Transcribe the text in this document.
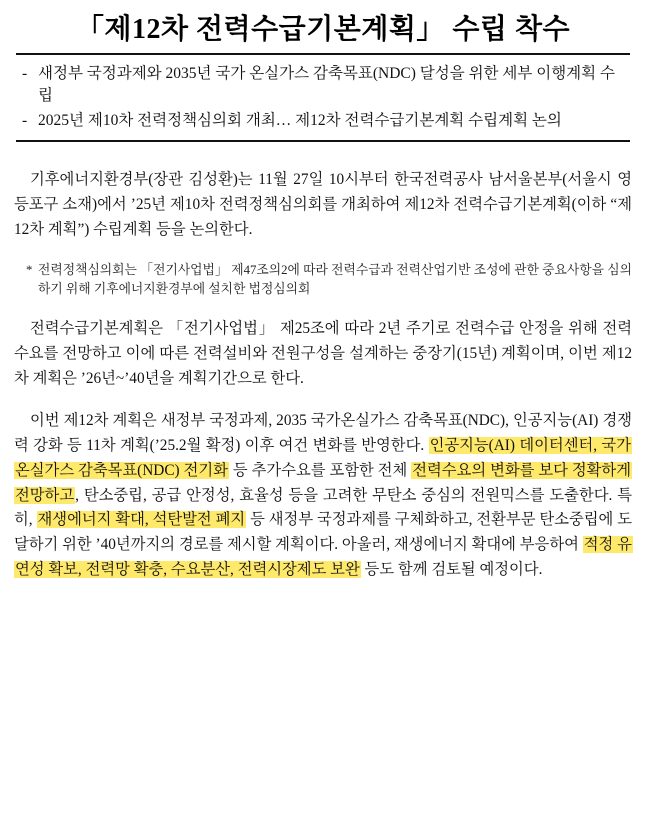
「제12차 전력수급기본계획」 수립 착수
- 새정부 국정과제와 2035년 국가 온실가스 감축목표(NDC) 달성을 위한 세부 이행계획 수립
- 2025년 제10차 전력정책심의회 개최… 제12차 전력수급기본계획 수립계획 논의

기후에너지환경부(장관 김성환)는 11월 27일 10시부터 한국전력공사 남서울본부(서울시 영등포구 소재)에서 ’25년 제10차 전력정책심의회를 개최하여 제12차 전력수급기본계획(이하 “제12차 계획”) 수립계획 등을 논의한다.

* 전력정책심의회는 「전기사업법」 제47조의2에 따라 전력수급과 전력산업기반 조성에 관한 중요사항을 심의하기 위해 기후에너지환경부에 설치한 법정심의회

전력수급기본계획은 「전기사업법」 제25조에 따라 2년 주기로 전력수급 안정을 위해 전력수요를 전망하고 이에 따른 전력설비와 전원구성을 설계하는 중장기(15년) 계획이며, 이번 제12차 계획은 ’26년~’40년을 계획기간으로 한다.

이번 제12차 계획은 새정부 국정과제, 2035 국가온실가스 감축목표(NDC), 인공지능(AI) 경쟁력 강화 등 11차 계획(’25.2월 확정) 이후 여건 변화를 반영한다. 인공지능(AI) 데이터센터, 국가온실가스 감축목표(NDC) 전기화 등 추가수요를 포함한 전체 전력수요의 변화를 보다 정확하게 전망하고, 탄소중립, 공급 안정성, 효율성 등을 고려한 무탄소 중심의 전원믹스를 도출한다. 특히, 재생에너지 확대, 석탄발전 폐지 등 새정부 국정과제를 구체화하고, 전환부문 탄소중립에 도달하기 위한 ’40년까지의 경로를 제시할 계획이다. 아울러, 재생에너지 확대에 부응하여 적정 유연성 확보, 전력망 확충, 수요분산, 전력시장제도 보완 등도 함께 검토될 예정이다.
